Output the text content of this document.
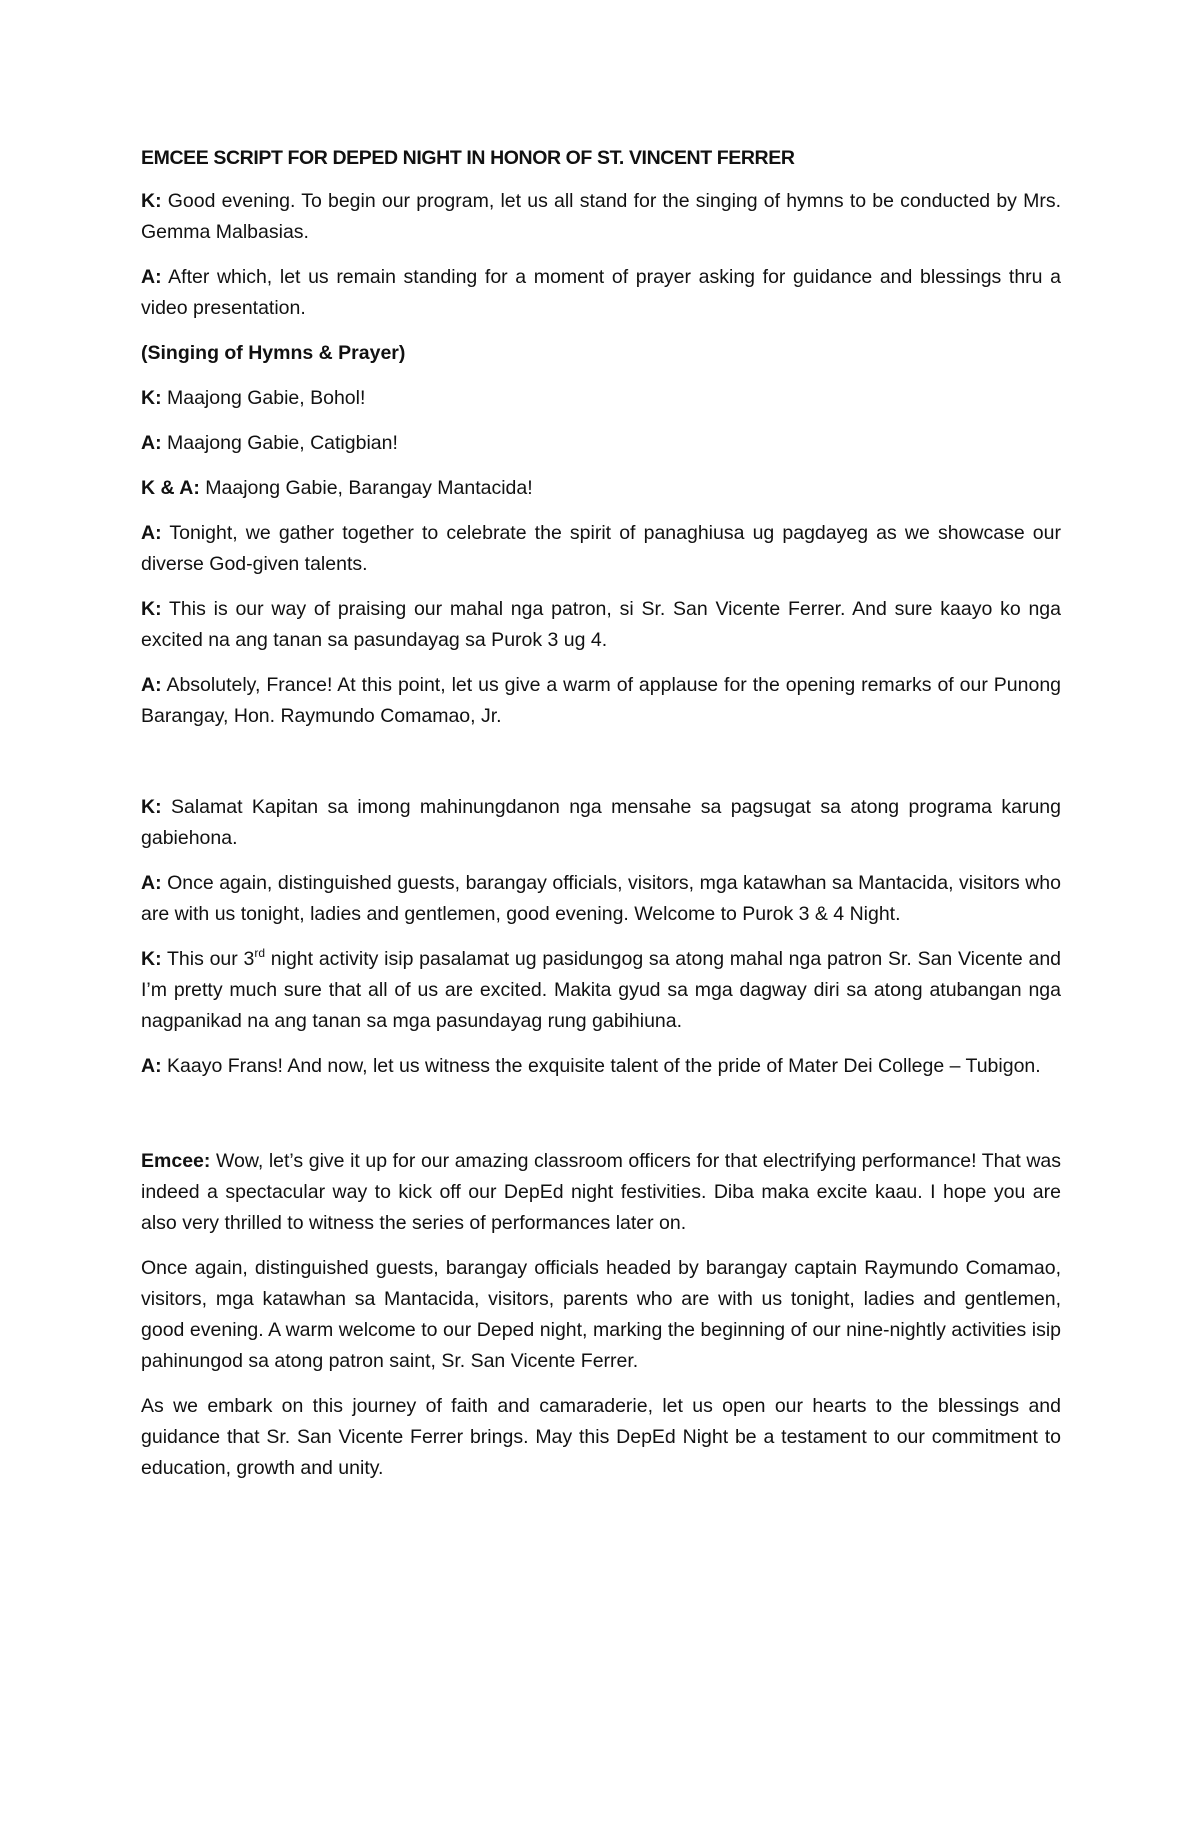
EMCEE SCRIPT FOR DEPED NIGHT IN HONOR OF ST. VINCENT FERRER

K: Good evening. To begin our program, let us all stand for the singing of hymns to be conducted by Mrs. Gemma Malbasias.

A: After which, let us remain standing for a moment of prayer asking for guidance and blessings thru a video presentation.

(Singing of Hymns & Prayer)

K: Maajong Gabie, Bohol!

A: Maajong Gabie, Catigbian!

K & A: Maajong Gabie, Barangay Mantacida!

A: Tonight, we gather together to celebrate the spirit of panaghiusa ug pagdayeg as we showcase our diverse God-given talents.

K: This is our way of praising our mahal nga patron, si Sr. San Vicente Ferrer. And sure kaayo ko nga excited na ang tanan sa pasundayag sa Purok 3 ug 4.

A: Absolutely, France! At this point, let us give a warm of applause for the opening remarks of our Punong Barangay, Hon. Raymundo Comamao, Jr.

K: Salamat Kapitan sa imong mahinungdanon nga mensahe sa pagsugat sa atong programa karung gabiehona.

A: Once again, distinguished guests, barangay officials, visitors, mga katawhan sa Mantacida, visitors who are with us tonight, ladies and gentlemen, good evening. Welcome to Purok 3 & 4 Night.

K: This our 3rd night activity isip pasalamat ug pasidungog sa atong mahal nga patron Sr. San Vicente and I’m pretty much sure that all of us are excited. Makita gyud sa mga dagway diri sa atong atubangan nga nagpanikad na ang tanan sa mga pasundayag rung gabihiuna.

A: Kaayo Frans! And now, let us witness the exquisite talent of the pride of Mater Dei College – Tubigon.

Emcee: Wow, let’s give it up for our amazing classroom officers for that electrifying performance! That was indeed a spectacular way to kick off our DepEd night festivities. Diba maka excite kaau. I hope you are also very thrilled to witness the series of performances later on.

Once again, distinguished guests, barangay officials headed by barangay captain Raymundo Comamao, visitors, mga katawhan sa Mantacida, visitors, parents who are with us tonight, ladies and gentlemen, good evening. A warm welcome to our Deped night, marking the beginning of our nine-nightly activities isip pahinungod sa atong patron saint, Sr. San Vicente Ferrer.

As we embark on this journey of faith and camaraderie, let us open our hearts to the blessings and guidance that Sr. San Vicente Ferrer brings. May this DepEd Night be a testament to our commitment to education, growth and unity.
